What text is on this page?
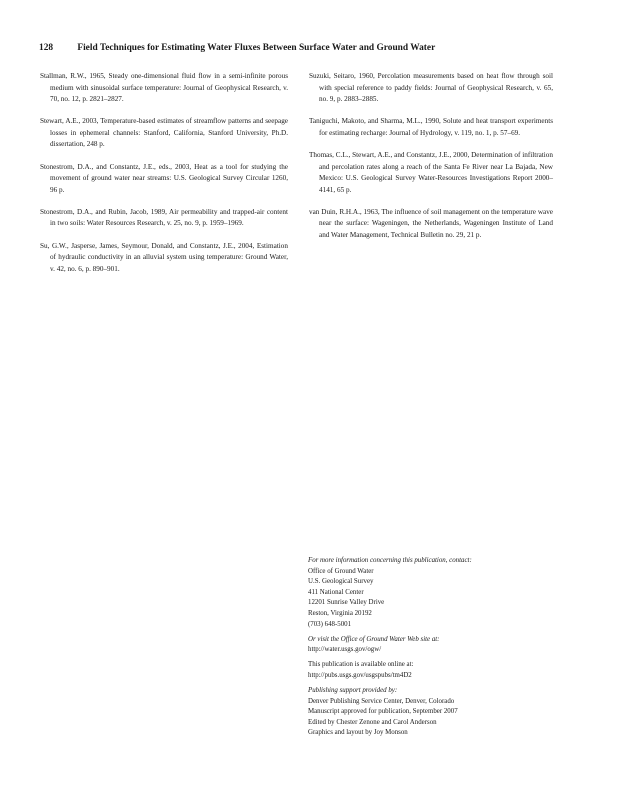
128	Field Techniques for Estimating Water Fluxes Between Surface Water and Ground Water

Stallman, R.W., 1965, Steady one-dimensional fluid flow in a semi-infinite porous medium with sinusoidal surface temperature: Journal of Geophysical Research, v. 70, no. 12, p. 2821–2827.

Stewart, A.E., 2003, Temperature-based estimates of streamflow patterns and seepage losses in ephemeral channels: Stanford, California, Stanford University, Ph.D. dissertation, 248 p.

Stonestrom, D.A., and Constantz, J.E., eds., 2003, Heat as a tool for studying the movement of ground water near streams: U.S. Geological Survey Circular 1260, 96 p.

Stonestrom, D.A., and Rubin, Jacob, 1989, Air permeability and trapped-air content in two soils: Water Resources Research, v. 25, no. 9, p. 1959–1969.

Su, G.W., Jasperse, James, Seymour, Donald, and Constantz, J.E., 2004, Estimation of hydraulic conductivity in an alluvial system using temperature: Ground Water, v. 42, no. 6, p. 890–901.

Suzuki, Seitaro, 1960, Percolation measurements based on heat flow through soil with special reference to paddy fields: Journal of Geophysical Research, v. 65, no. 9, p. 2883–2885.

Taniguchi, Makoto, and Sharma, M.L., 1990, Solute and heat transport experiments for estimating recharge: Journal of Hydrology, v. 119, no. 1, p. 57–69.

Thomas, C.L., Stewart, A.E., and Constantz, J.E., 2000, Determination of infiltration and percolation rates along a reach of the Santa Fe River near La Bajada, New Mexico: U.S. Geological Survey Water-Resources Investigations Report 2000–4141, 65 p.

van Duin, R.H.A., 1963, The influence of soil management on the temperature wave near the surface: Wageningen, the Netherlands, Wageningen Institute of Land and Water Management, Technical Bulletin no. 29, 21 p.

For more information concerning this publication, contact:
Office of Ground Water
U.S. Geological Survey
411 National Center
12201 Sunrise Valley Drive
Reston, Virginia 20192
(703) 648-5001
Or visit the Office of Ground Water Web site at:
http://water.usgs.gov/ogw/
This publication is available online at:
http://pubs.usgs.gov/usgspubs/tm4D2
Publishing support provided by:
Denver Publishing Service Center, Denver, Colorado
Manuscript approved for publication, September 2007
Edited by Chester Zenone and Carol Anderson
Graphics and layout by Joy Monson
